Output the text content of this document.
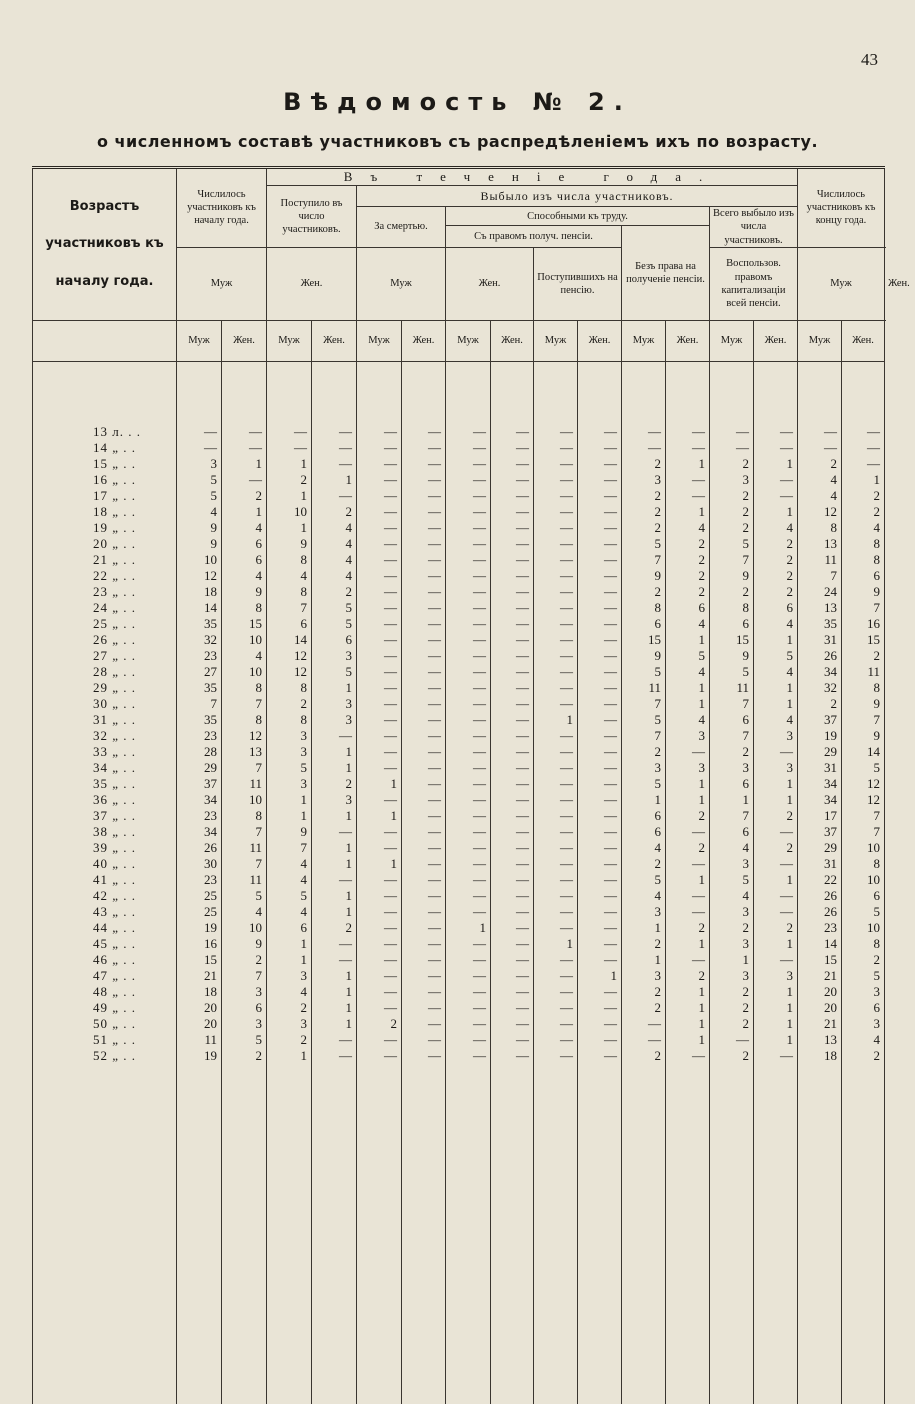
43
Вѣдомость № 2.
о численномъ составѣ участниковъ съ распредѣленіемъ ихъ по возрасту.
Возрастъ участниковъ къ началу года.	Числилось участниковъ къ началу года.		Въ теченіе года.												Числилось участниковъ къ концу года.		
			Поступило въ число участниковъ.		Выбыло изъ числа участниковъ.												
					За смертью.		Способными къ труду.						Всего выбыло изъ числа участниковъ.				
							Съ правомъ получ. пенсіи.				Безъ права на полученіе пенсіи.						
	Муж		Жен.		Муж		Жен.		Поступившихъ на пенсію.				Воспользов. правомъ капитализаціи всей пенсіи.		Муж		Жен.
	Муж	Жен.	Муж	Жен.	Муж	Жен.	Муж	Жен.	Муж	Жен.	Муж	Жен.	Муж	Жен.	Муж	Жен.	

13 л. . .	—	—	—	—	—	—	—	—	—	—	—	—	—	—	—	—	
14 „ . .	—	—	—	—	—	—	—	—	—	—	—	—	—	—	—	—	
15 „ . .	3	1	1	—	—	—	—	—	—	—	2	1	2	1	2	—	
16 „ . .	5	—	2	1	—	—	—	—	—	—	3	—	3	—	4	1	
17 „ . .	5	2	1	—	—	—	—	—	—	—	2	—	2	—	4	2	
18 „ . .	4	1	10	2	—	—	—	—	—	—	2	1	2	1	12	2	
19 „ . .	9	4	1	4	—	—	—	—	—	—	2	4	2	4	8	4	
20 „ . .	9	6	9	4	—	—	—	—	—	—	5	2	5	2	13	8	
21 „ . .	10	6	8	4	—	—	—	—	—	—	7	2	7	2	11	8	
22 „ . .	12	4	4	4	—	—	—	—	—	—	9	2	9	2	7	6	
23 „ . .	18	9	8	2	—	—	—	—	—	—	2	2	2	2	24	9	
24 „ . .	14	8	7	5	—	—	—	—	—	—	8	6	8	6	13	7	
25 „ . .	35	15	6	5	—	—	—	—	—	—	6	4	6	4	35	16	
26 „ . .	32	10	14	6	—	—	—	—	—	—	15	1	15	1	31	15	
27 „ . .	23	4	12	3	—	—	—	—	—	—	9	5	9	5	26	2	
28 „ . .	27	10	12	5	—	—	—	—	—	—	5	4	5	4	34	11	
29 „ . .	35	8	8	1	—	—	—	—	—	—	11	1	11	1	32	8	
30 „ . .	7	7	2	3	—	—	—	—	—	—	7	1	7	1	2	9	
31 „ . .	35	8	8	3	—	—	—	—	1	—	5	4	6	4	37	7	
32 „ . .	23	12	3	—	—	—	—	—	—	—	7	3	7	3	19	9	
33 „ . .	28	13	3	1	—	—	—	—	—	—	2	—	2	—	29	14	
34 „ . .	29	7	5	1	—	—	—	—	—	—	3	3	3	3	31	5	
35 „ . .	37	11	3	2	1	—	—	—	—	—	5	1	6	1	34	12	
36 „ . .	34	10	1	3	—	—	—	—	—	—	1	1	1	1	34	12	
37 „ . .	23	8	1	1	1	—	—	—	—	—	6	2	7	2	17	7	
38 „ . .	34	7	9	—	—	—	—	—	—	—	6	—	6	—	37	7	
39 „ . .	26	11	7	1	—	—	—	—	—	—	4	2	4	2	29	10	
40 „ . .	30	7	4	1	1	—	—	—	—	—	2	—	3	—	31	8	
41 „ . .	23	11	4	—	—	—	—	—	—	—	5	1	5	1	22	10	
42 „ . .	25	5	5	1	—	—	—	—	—	—	4	—	4	—	26	6	
43 „ . .	25	4	4	1	—	—	—	—	—	—	3	—	3	—	26	5	
44 „ . .	19	10	6	2	—	—	1	—	—	—	1	2	2	2	23	10	
45 „ . .	16	9	1	—	—	—	—	—	1	—	2	1	3	1	14	8	
46 „ . .	15	2	1	—	—	—	—	—	—	—	1	—	1	—	15	2	
47 „ . .	21	7	3	1	—	—	—	—	—	1	3	2	3	3	21	5	
48 „ . .	18	3	4	1	—	—	—	—	—	—	2	1	2	1	20	3	
49 „ . .	20	6	2	1	—	—	—	—	—	—	2	1	2	1	20	6	
50 „ . .	20	3	3	1	2	—	—	—	—	—	—	1	2	1	21	3	
51 „ . .	11	5	2	—	—	—	—	—	—	—	—	1	—	1	13	4	
52 „ . .	19	2	1	—	—	—	—	—	—	—	2	—	2	—	18	2	
